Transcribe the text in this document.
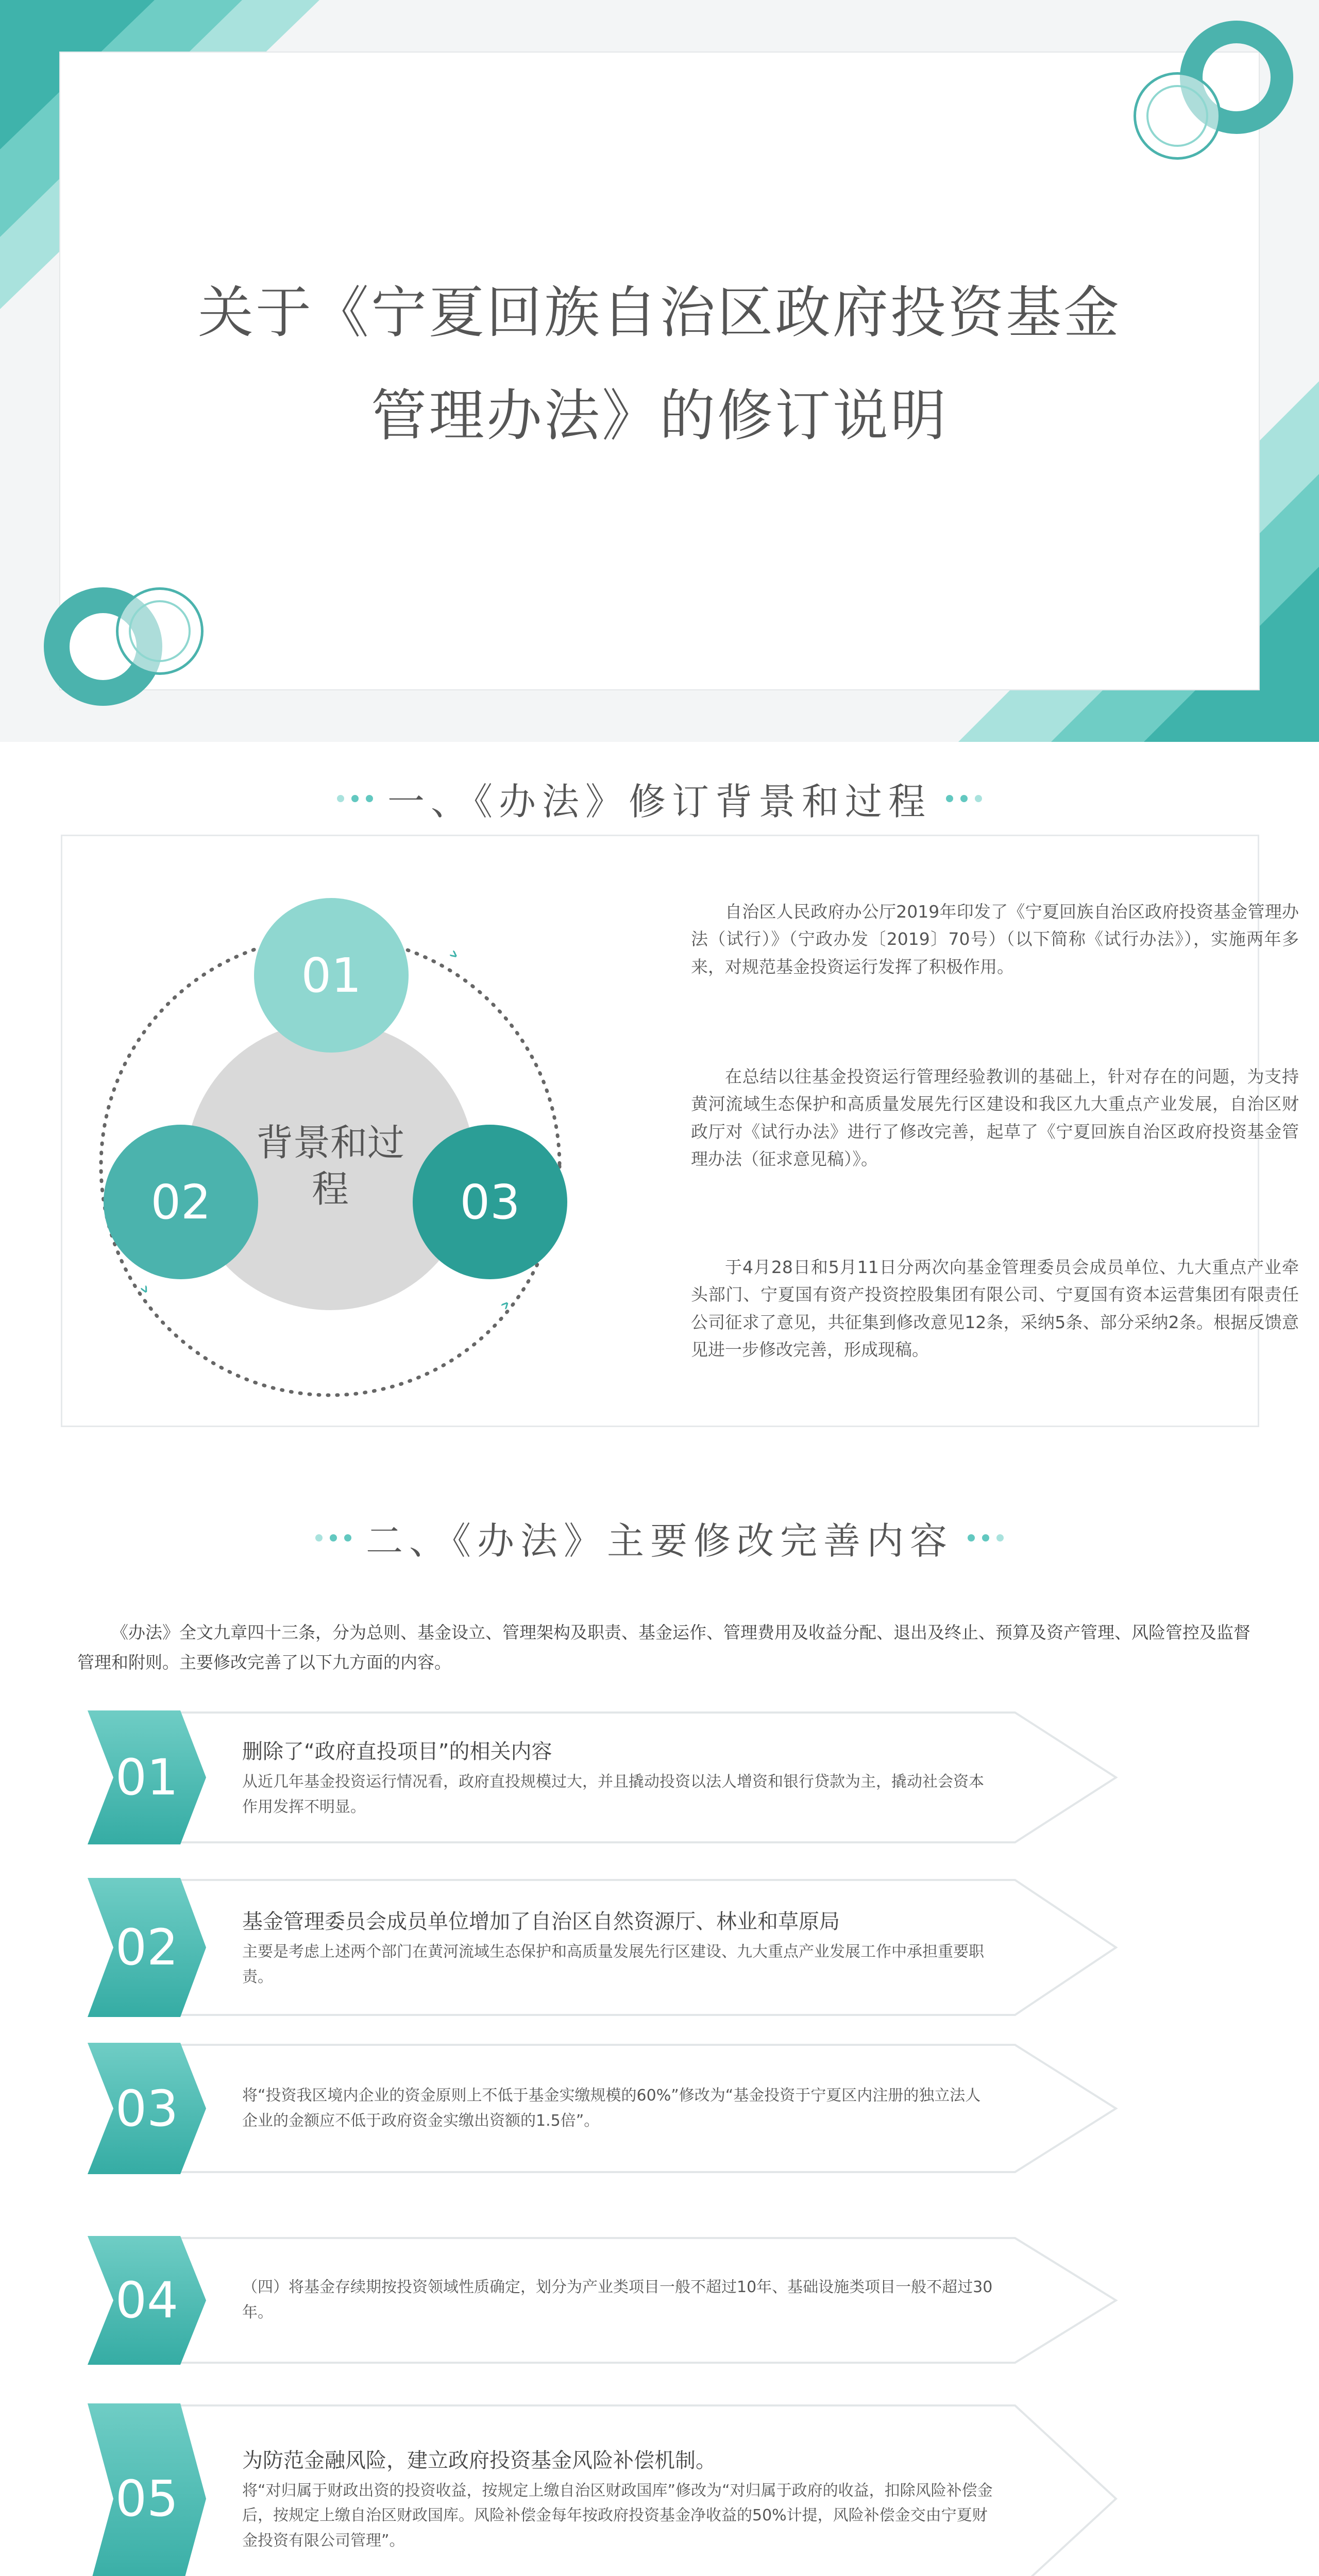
关于《宁夏回族自治区政府投资基金
管理办法》的修订说明
一、《办法》修订背景和过程
背景和过程
01
02	03
自治区人民政府办公厅2019年印发了《宁夏回族自治区政府投资基金管理办法（试行）》（宁政办发〔2019〕70号）（以下简称《试行办法》），实施两年多来，对规范基金投资运行发挥了积极作用。
在总结以往基金投资运行管理经验教训的基础上，针对存在的问题，为支持黄河流域生态保护和高质量发展先行区建设和我区九大重点产业发展，自治区财政厅对《试行办法》进行了修改完善，起草了《宁夏回族自治区政府投资基金管理办法（征求意见稿）》。
于4月28日和5月11日分两次向基金管理委员会成员单位、九大重点产业牵头部门、宁夏国有资产投资控股集团有限公司、宁夏国有资本运营集团有限责任公司征求了意见，共征集到修改意见12条，采纳5条、部分采纳2条。根据反馈意见进一步修改完善，形成现稿。
二、《办法》主要修改完善内容
《办法》全文九章四十三条，分为总则、基金设立、管理架构及职责、基金运作、管理费用及收益分配、退出及终止、预算及资产管理、风险管控及监督管理和附则。主要修改完善了以下九方面的内容。
01	删除了“政府直投项目”的相关内容
从近几年基金投资运行情况看，政府直投规模过大，并且撬动投资以法人增资和银行贷款为主，撬动社会资本作用发挥不明显。
02	基金管理委员会成员单位增加了自治区自然资源厅、林业和草原局
主要是考虑上述两个部门在黄河流域生态保护和高质量发展先行区建设、九大重点产业发展工作中承担重要职责。
03	将“投资我区境内企业的资金原则上不低于基金实缴规模的60%”修改为“基金投资于宁夏区内注册的独立法人企业的金额应不低于政府资金实缴出资额的1.5倍”。
04	（四）将基金存续期按投资领域性质确定，划分为产业类项目一般不超过10年、基础设施类项目一般不超过30年。
05
为防范金融风险，建立政府投资基金风险补偿机制。
将“对归属于财政出资的投资收益，按规定上缴自治区财政国库”修改为“对归属于政府的收益，扣除风险补偿金后，按规定上缴自治区财政国库。风险补偿金每年按政府投资基金净收益的50%计提，风险补偿金交由宁夏财金投资有限公司管理”。
